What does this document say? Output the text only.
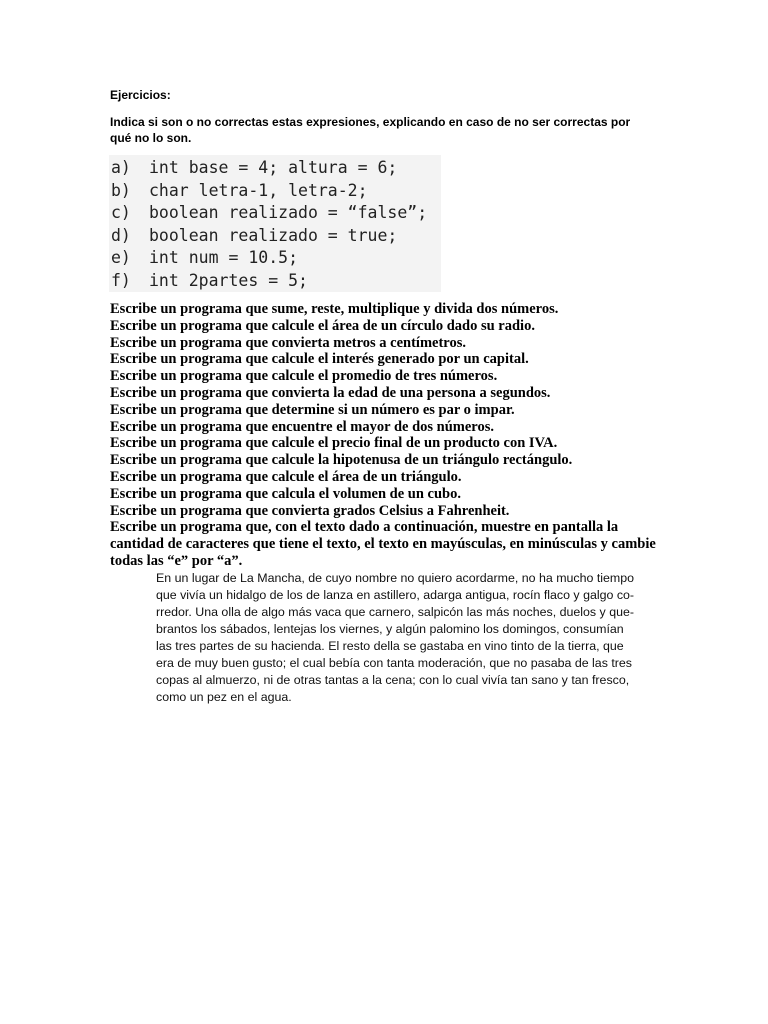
Ejercicios:
Indica si son o no correctas estas expresiones, explicando en caso de no ser correctas por qué no lo son.
a) int base = 4; altura = 6;
b) char letra-1, letra-2;
c) boolean realizado = “false”;
d) boolean realizado = true;
e) int num = 10.5;
f) int 2partes = 5;

Escribe un programa que sume, reste, multiplique y divida dos números.

Escribe un programa que calcule el área de un círculo dado su radio.

Escribe un programa que convierta metros a centímetros.

Escribe un programa que calcule el interés generado por un capital.

Escribe un programa que calcule el promedio de tres números.

Escribe un programa que convierta la edad de una persona a segundos.

Escribe un programa que determine si un número es par o impar.

Escribe un programa que encuentre el mayor de dos números.

Escribe un programa que calcule el precio final de un producto con IVA.

Escribe un programa que calcule la hipotenusa de un triángulo rectángulo.

Escribe un programa que calcule el área de un triángulo.

Escribe un programa que calcula el volumen de un cubo.

Escribe un programa que convierta grados Celsius a Fahrenheit.

Escribe un programa que, con el texto dado a continuación, muestre en pantalla la cantidad de caracteres que tiene el texto, el texto en mayúsculas, en minúsculas y cambie todas las “e” por “a”.

En un lugar de La Mancha, de cuyo nombre no quiero acordarme, no ha mucho tiempo
que vivía un hidalgo de los de lanza en astillero, adarga antigua, rocín flaco y galgo co-
rredor. Una olla de algo más vaca que carnero, salpicón las más noches, duelos y que-
brantos los sábados, lentejas los viernes, y algún palomino los domingos, consumían
las tres partes de su hacienda. El resto della se gastaba en vino tinto de la tierra, que
era de muy buen gusto; el cual bebía con tanta moderación, que no pasaba de las tres
copas al almuerzo, ni de otras tantas a la cena; con lo cual vivía tan sano y tan fresco,
como un pez en el agua.
